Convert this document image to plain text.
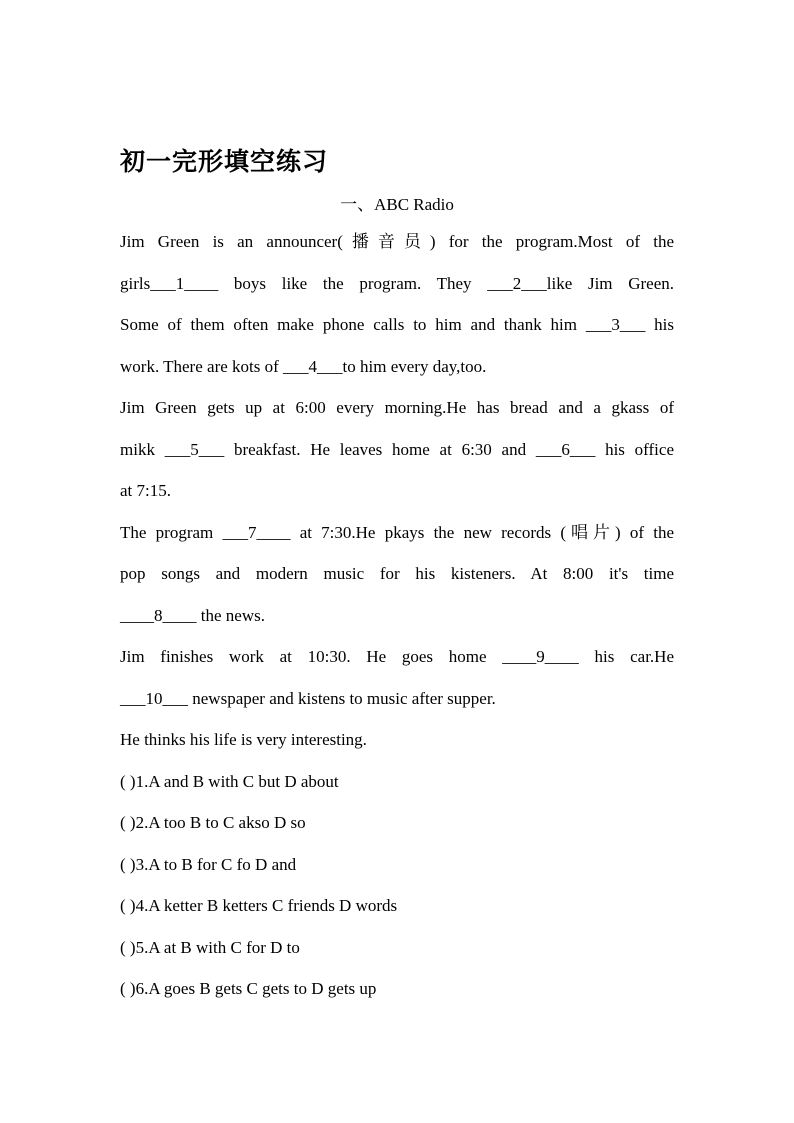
初一完形填空练习
一、ABC Radio
Jim Green is an announcer(播音员) for the program.Most of the
girls___1____ boys like the program. They ___2___like Jim Green.
Some of them often make phone calls to him and thank him ___3___ his
work. There are kots of ___4___to him every day,too.
Jim Green gets up at 6:00 every morning.He has bread and a gkass of
mikk ___5___ breakfast. He leaves home at 6:30 and ___6___ his office
at 7:15.
The program ___7____ at 7:30.He pkays the new records (唱片) of the
pop songs and modern music for his kisteners. At 8:00 it's time
____8____ the news.
Jim finishes work at 10:30. He goes home ____9____ his car.He
___10___ newspaper and kistens to music after supper.
He thinks his life is very interesting.
( )1.A and B with C but D about
( )2.A too B to C akso D so
( )3.A to B for C fo D and
( )4.A ketter B ketters C friends D words
( )5.A at B with C for D to
( )6.A goes B gets C gets to D gets up
